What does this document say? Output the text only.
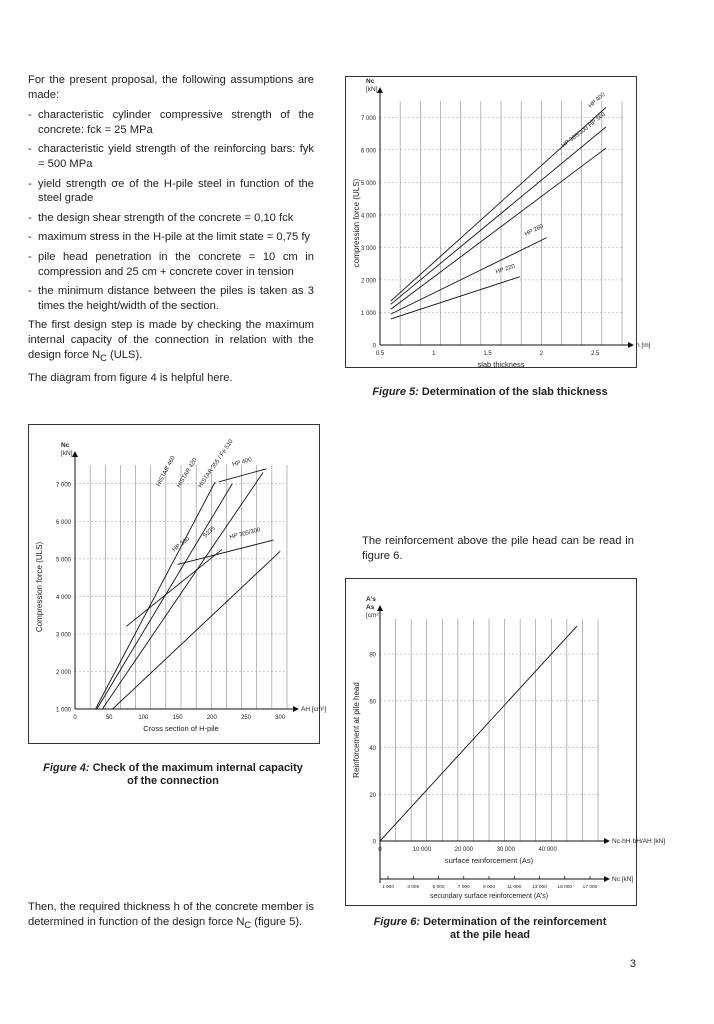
For the present proposal, the following assumptions are made:

- characteristic cylinder compressive strength of the concrete: fck = 25 MPa
- characteristic yield strength of the reinforcing bars: fyk = 500 MPa
- yield strength σe of the H-pile steel in function of the steel grade
- the design shear strength of the concrete = 0,10 fck
- maximum stress in the H-pile at the limit state = 0,75 fy
- pile head penetration in the concrete = 10 cm in compression and 25 cm + concrete cover in tension
- the minimum distance between the piles is taken as 3 times the height/width of the section.

The first design step is made by checking the maximum internal capacity of the connection in relation with the design force $N_C$ (ULS).

The diagram from figure 4 is helpful here.

Then, the required thickness h of the concrete member is determined in function of the design force $N_C$ (figure 5).

The reinforcement above the pile head can be read in figure 6.

0
1 000
2 000
3 000
4 000
5 000
6 000
7 000
0.5	1	1.5	2	2.5
Nc
[kN]
compression force (ULS)
h [m]
slab thickness
HP 400
HP 360
HP 305/300
HP 260
HP 220
Figure 5: Determination of the slab thickness
1 000
2 000
3 000
4 000
5 000
6 000
7 000
0	50	100	150	200	250	300
Nc
[kN]
Compression force (ULS)
AH [cm²]
Cross section of H-pile
HP 400
HISTAR 460 HISTAR 420 HISTAR 355 / Fe 510
HP 305/300
HP 260
S235
Figure 4: Check of the maximum internal capacity
of the connection
0
20
40
60
80
0	10 000	20 000	30 000	40 000
A's
As
[cm²]
Reinforcement at pile head
Nc·hH·bH/AH [kN]
surface reinforcement (As)
1 000	3 000	5 000	7 000	9 000	11 000 13 000 15 000 17 000
Nc [kN]
secundary surface reinforcement (A's)
Figure 6: Determination of the reinforcement
at the pile head
3
